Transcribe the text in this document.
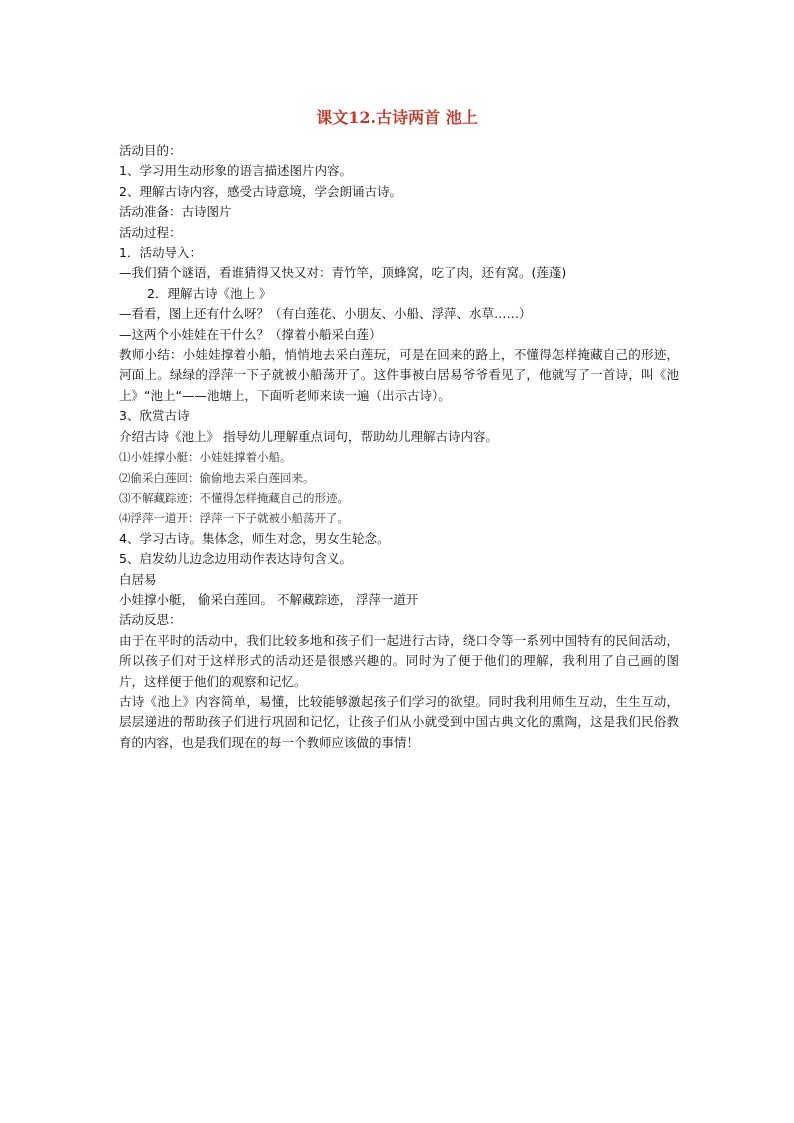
课文12.古诗两首 池上

活动目的：

1、学习用生动形象的语言描述图片内容。

2、理解古诗内容，感受古诗意境，学会朗诵古诗。

活动准备：古诗图片

活动过程：

1．活动导入：

—我们猜个谜语，看谁猜得又快又对：青竹竿，顶蜂窝，吃了肉，还有窝。(莲蓬)

2．理解古诗《池上 》

—看看，图上还有什么呀？（有白莲花、小朋友、小船、浮萍、水草……）

—这两个小娃娃在干什么？（撑着小船采白莲）

教师小结：小娃娃撑着小船，悄悄地去采白莲玩，可是在回来的路上，不懂得怎样掩藏自己的形迹，河面上。绿绿的浮萍一下子就被小船荡开了。这件事被白居易爷爷看见了，他就写了一首诗，叫《池上》“池上“——池塘上，下面听老师来读一遍（出示古诗）。

3、欣赏古诗

介绍古诗《池上》 指导幼儿理解重点词句，帮助幼儿理解古诗内容。

⑴小娃撑小艇：小娃娃撑着小船。

⑵偷采白莲回：偷偷地去采白莲回来。

⑶不解藏踪迹：不懂得怎样掩藏自己的形迹。

⑷浮萍一道开：浮萍一下子就被小船荡开了。

4、学习古诗。集体念，师生对念，男女生轮念。

5、启发幼儿边念边用动作表达诗句含义。

白居易

小娃撑小艇， 偷采白莲回。 不解藏踪迹， 浮萍一道开

活动反思：

由于在平时的活动中，我们比较多地和孩子们一起进行古诗，绕口令等一系列中国特有的民间活动，所以孩子们对于这样形式的活动还是很感兴趣的。同时为了便于他们的理解，我利用了自己画的图片，这样便于他们的观察和记忆。

古诗《池上》内容简单，易懂，比较能够激起孩子们学习的欲望。同时我利用师生互动，生生互动，层层递进的帮助孩子们进行巩固和记忆，让孩子们从小就受到中国古典文化的熏陶，这是我们民俗教育的内容，也是我们现在的每一个教师应该做的事情！
